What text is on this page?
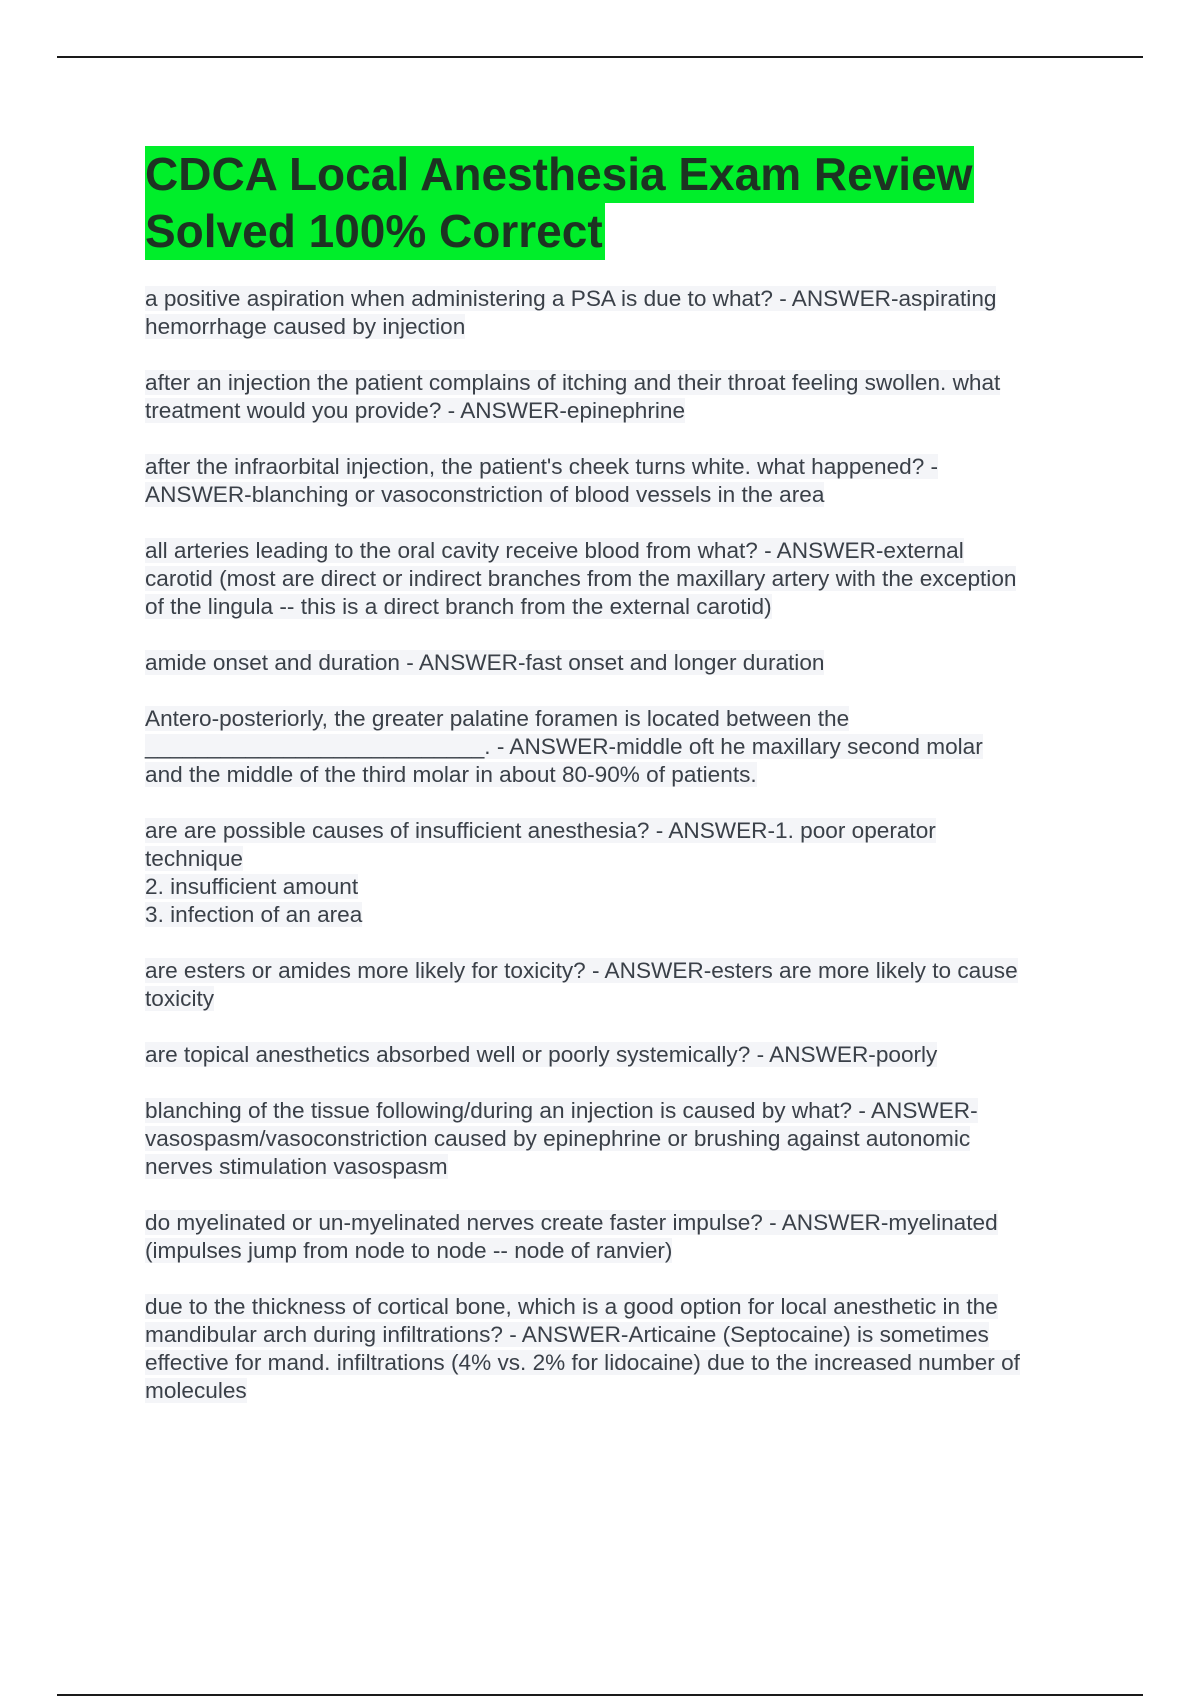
CDCA Local Anesthesia Exam Review
Solved 100% Correct

a positive aspiration when administering a PSA is due to what? - ANSWER-aspirating
hemorrhage caused by injection

after an injection the patient complains of itching and their throat feeling swollen. what
treatment would you provide? - ANSWER-epinephrine

after the infraorbital injection, the patient's cheek turns white. what happened? -
ANSWER-blanching or vasoconstriction of blood vessels in the area

all arteries leading to the oral cavity receive blood from what? - ANSWER-external
carotid (most are direct or indirect branches from the maxillary artery with the exception
of the lingula -- this is a direct branch from the external carotid)

amide onset and duration - ANSWER-fast onset and longer duration

Antero-posteriorly, the greater palatine foramen is located between the
___________________________. - ANSWER-middle oft he maxillary second molar
and the middle of the third molar in about 80-90% of patients.

are are possible causes of insufficient anesthesia? - ANSWER-1. poor operator
technique
2. insufficient amount
3. infection of an area

are esters or amides more likely for toxicity? - ANSWER-esters are more likely to cause
toxicity

are topical anesthetics absorbed well or poorly systemically? - ANSWER-poorly

blanching of the tissue following/during an injection is caused by what? - ANSWER-
vasospasm/vasoconstriction caused by epinephrine or brushing against autonomic
nerves stimulation vasospasm

do myelinated or un-myelinated nerves create faster impulse? - ANSWER-myelinated
(impulses jump from node to node -- node of ranvier)

due to the thickness of cortical bone, which is a good option for local anesthetic in the
mandibular arch during infiltrations? - ANSWER-Articaine (Septocaine) is sometimes
effective for mand. infiltrations (4% vs. 2% for lidocaine) due to the increased number of
molecules
